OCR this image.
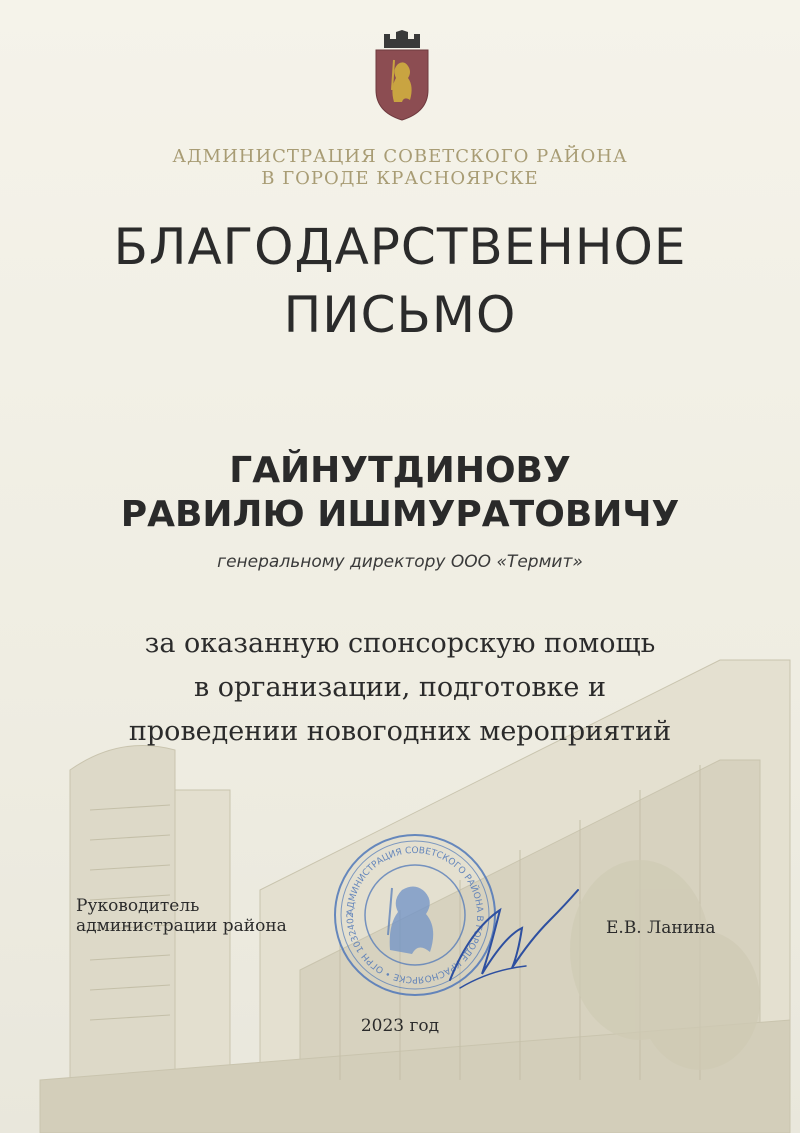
АДМИНИСТРАЦИЯ СОВЕТСКОГО РАЙОНА
В ГОРОДЕ КРАСНОЯРСКЕ
БЛАГОДАРСТВЕННОЕ
ПИСЬМО
ГАЙНУТДИНОВУ
РАВИЛЮ ИШМУРАТОВИЧУ
генеральному директору ООО «Термит»
за оказанную спонсорскую помощь
в организации, подготовке и
проведении новогодних мероприятий
Руководитель
администрации района	Е.В. Ланина
АДМИНИСТРАЦИЯ СОВЕТСКОГО РАЙОНА В ГОРОДЕ КРАСНОЯРСКЕ • ОГРН 1032402
2023 год
